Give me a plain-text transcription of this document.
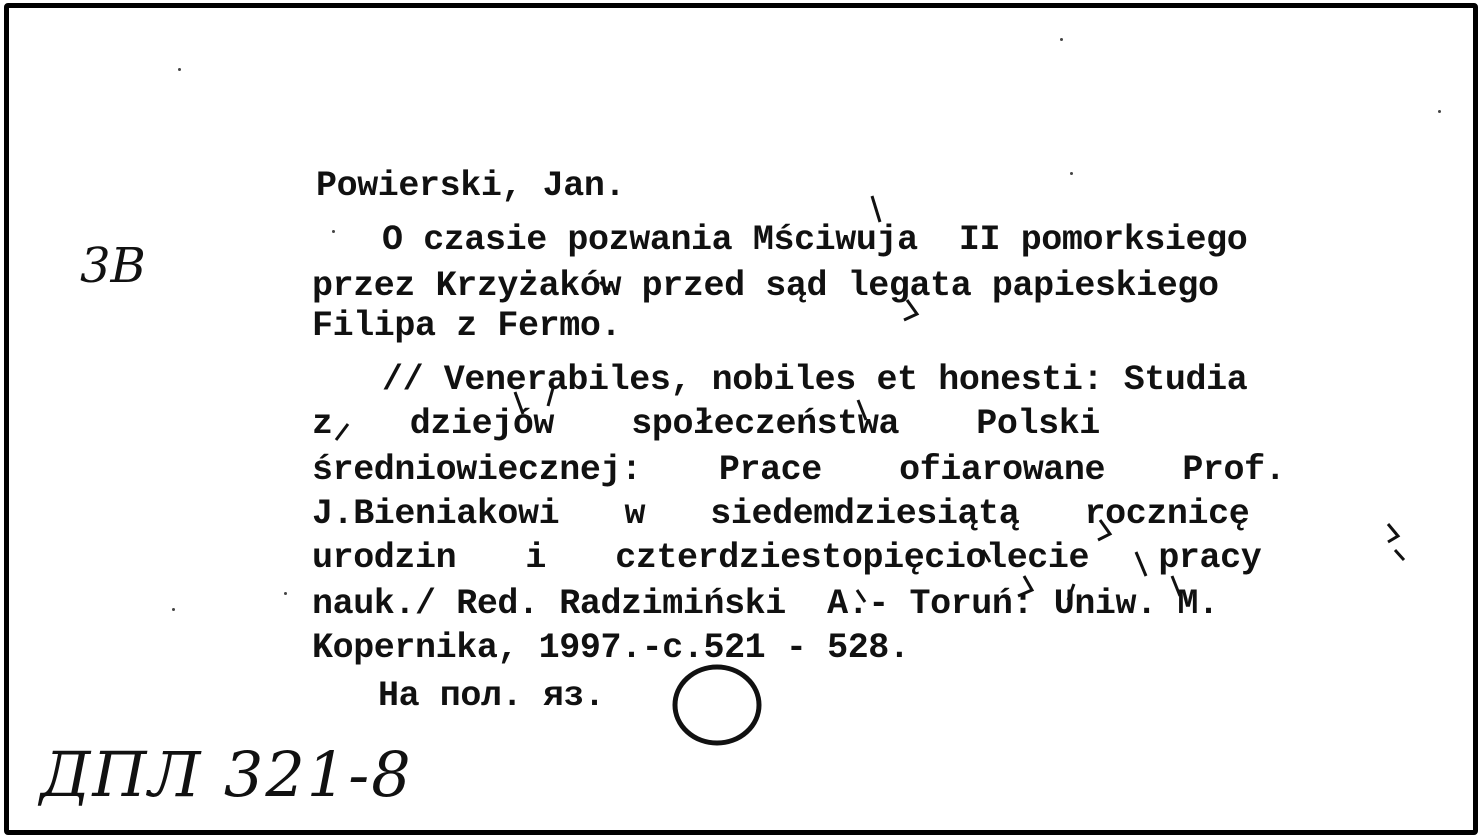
Powierski, Jan.
O czasie pozwania Mściwuja  II pomorksiego
przez Krzyżaków przed sąd legata papieskiego
Filipa z Fermo.
// Venerabiles, nobiles et honesti: Studia
z  dziejów  społeczeństwa  Polski
średniowiecznej:  Prace  ofiarowane  Prof.
J.Bieniakowi  w  siedemdziesiątą  rocznicę
urodzin  i  czterdziestopięciolecie  pracy
nauk./ Red. Radzimiński  A.- Toruń: Uniw. M.
Kopernika, 1997.-c.521 - 528.
На пол. яз.
3В
ДПЛ 321-8
